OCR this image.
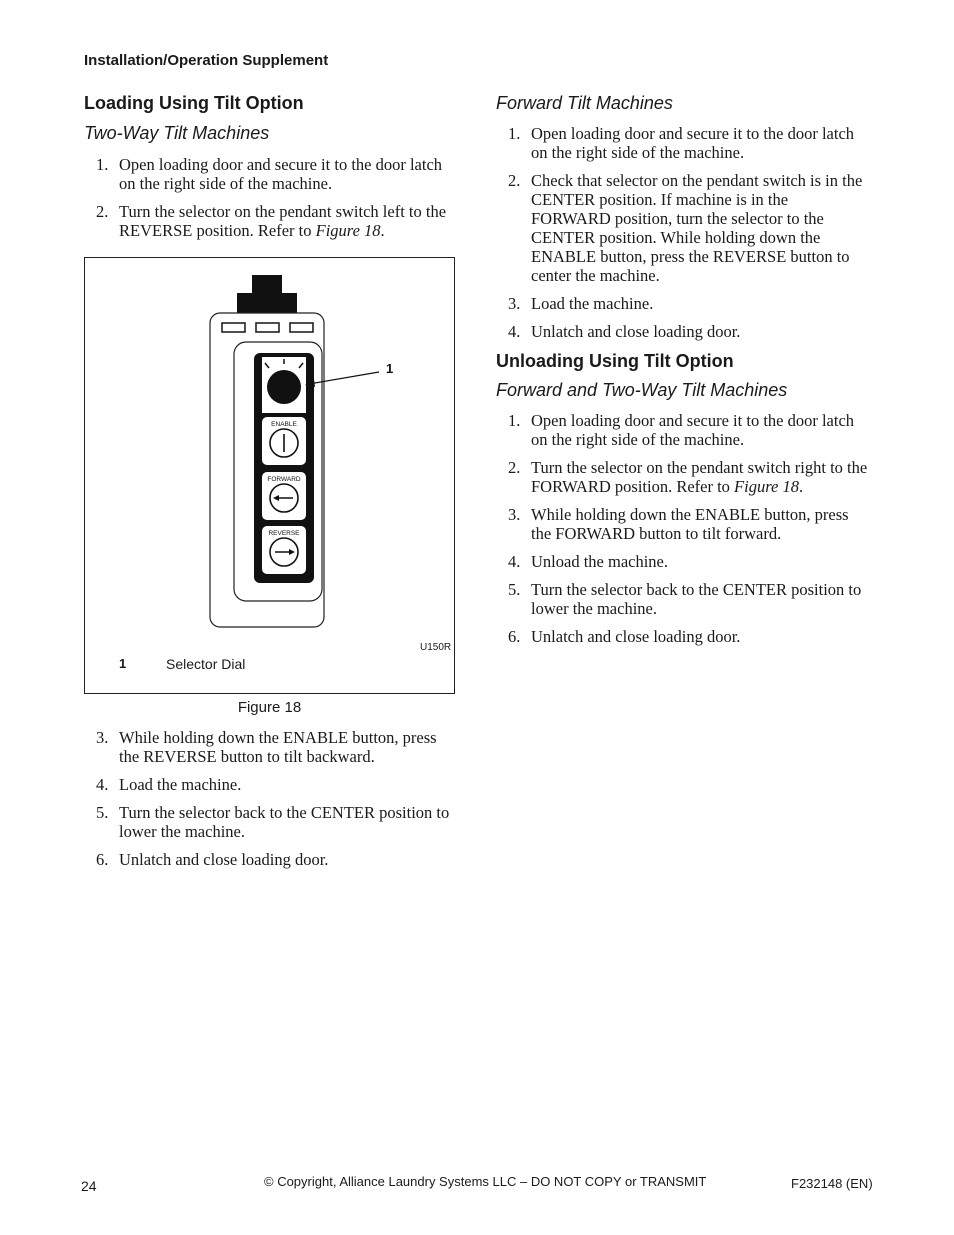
Installation/Operation Supplement
Loading Using Tilt Option
Two-Way Tilt Machines
1. Open loading door and secure it to the door latch on the right side of the machine.
2. Turn the selector on the pendant switch left to the REVERSE position. Refer to Figure 18.
ENABLE
FORWARD
REVERSE
1
U150R
1	Selector Dial
Figure 18
3. While holding down the ENABLE button, press the REVERSE button to tilt backward.
4. Load the machine.
5. Turn the selector back to the CENTER position to lower the machine.
6. Unlatch and close loading door.
Forward Tilt Machines
1. Open loading door and secure it to the door latch on the right side of the machine.
2. Check that selector on the pendant switch is in the CENTER position. If machine is in the FORWARD position, turn the selector to the CENTER position. While holding down the ENABLE button, press the REVERSE button to center the machine.
3. Load the machine.
4. Unlatch and close loading door.
Unloading Using Tilt Option
Forward and Two-Way Tilt Machines
1. Open loading door and secure it to the door latch on the right side of the machine.
2. Turn the selector on the pendant switch right to the FORWARD position. Refer to Figure 18.
3. While holding down the ENABLE button, press the FORWARD button to tilt forward.
4. Unload the machine.
5. Turn the selector back to the CENTER position to lower the machine.
6. Unlatch and close loading door.
24	© Copyright, Alliance Laundry Systems LLC – DO NOT COPY or TRANSMIT	F232148 (EN)
